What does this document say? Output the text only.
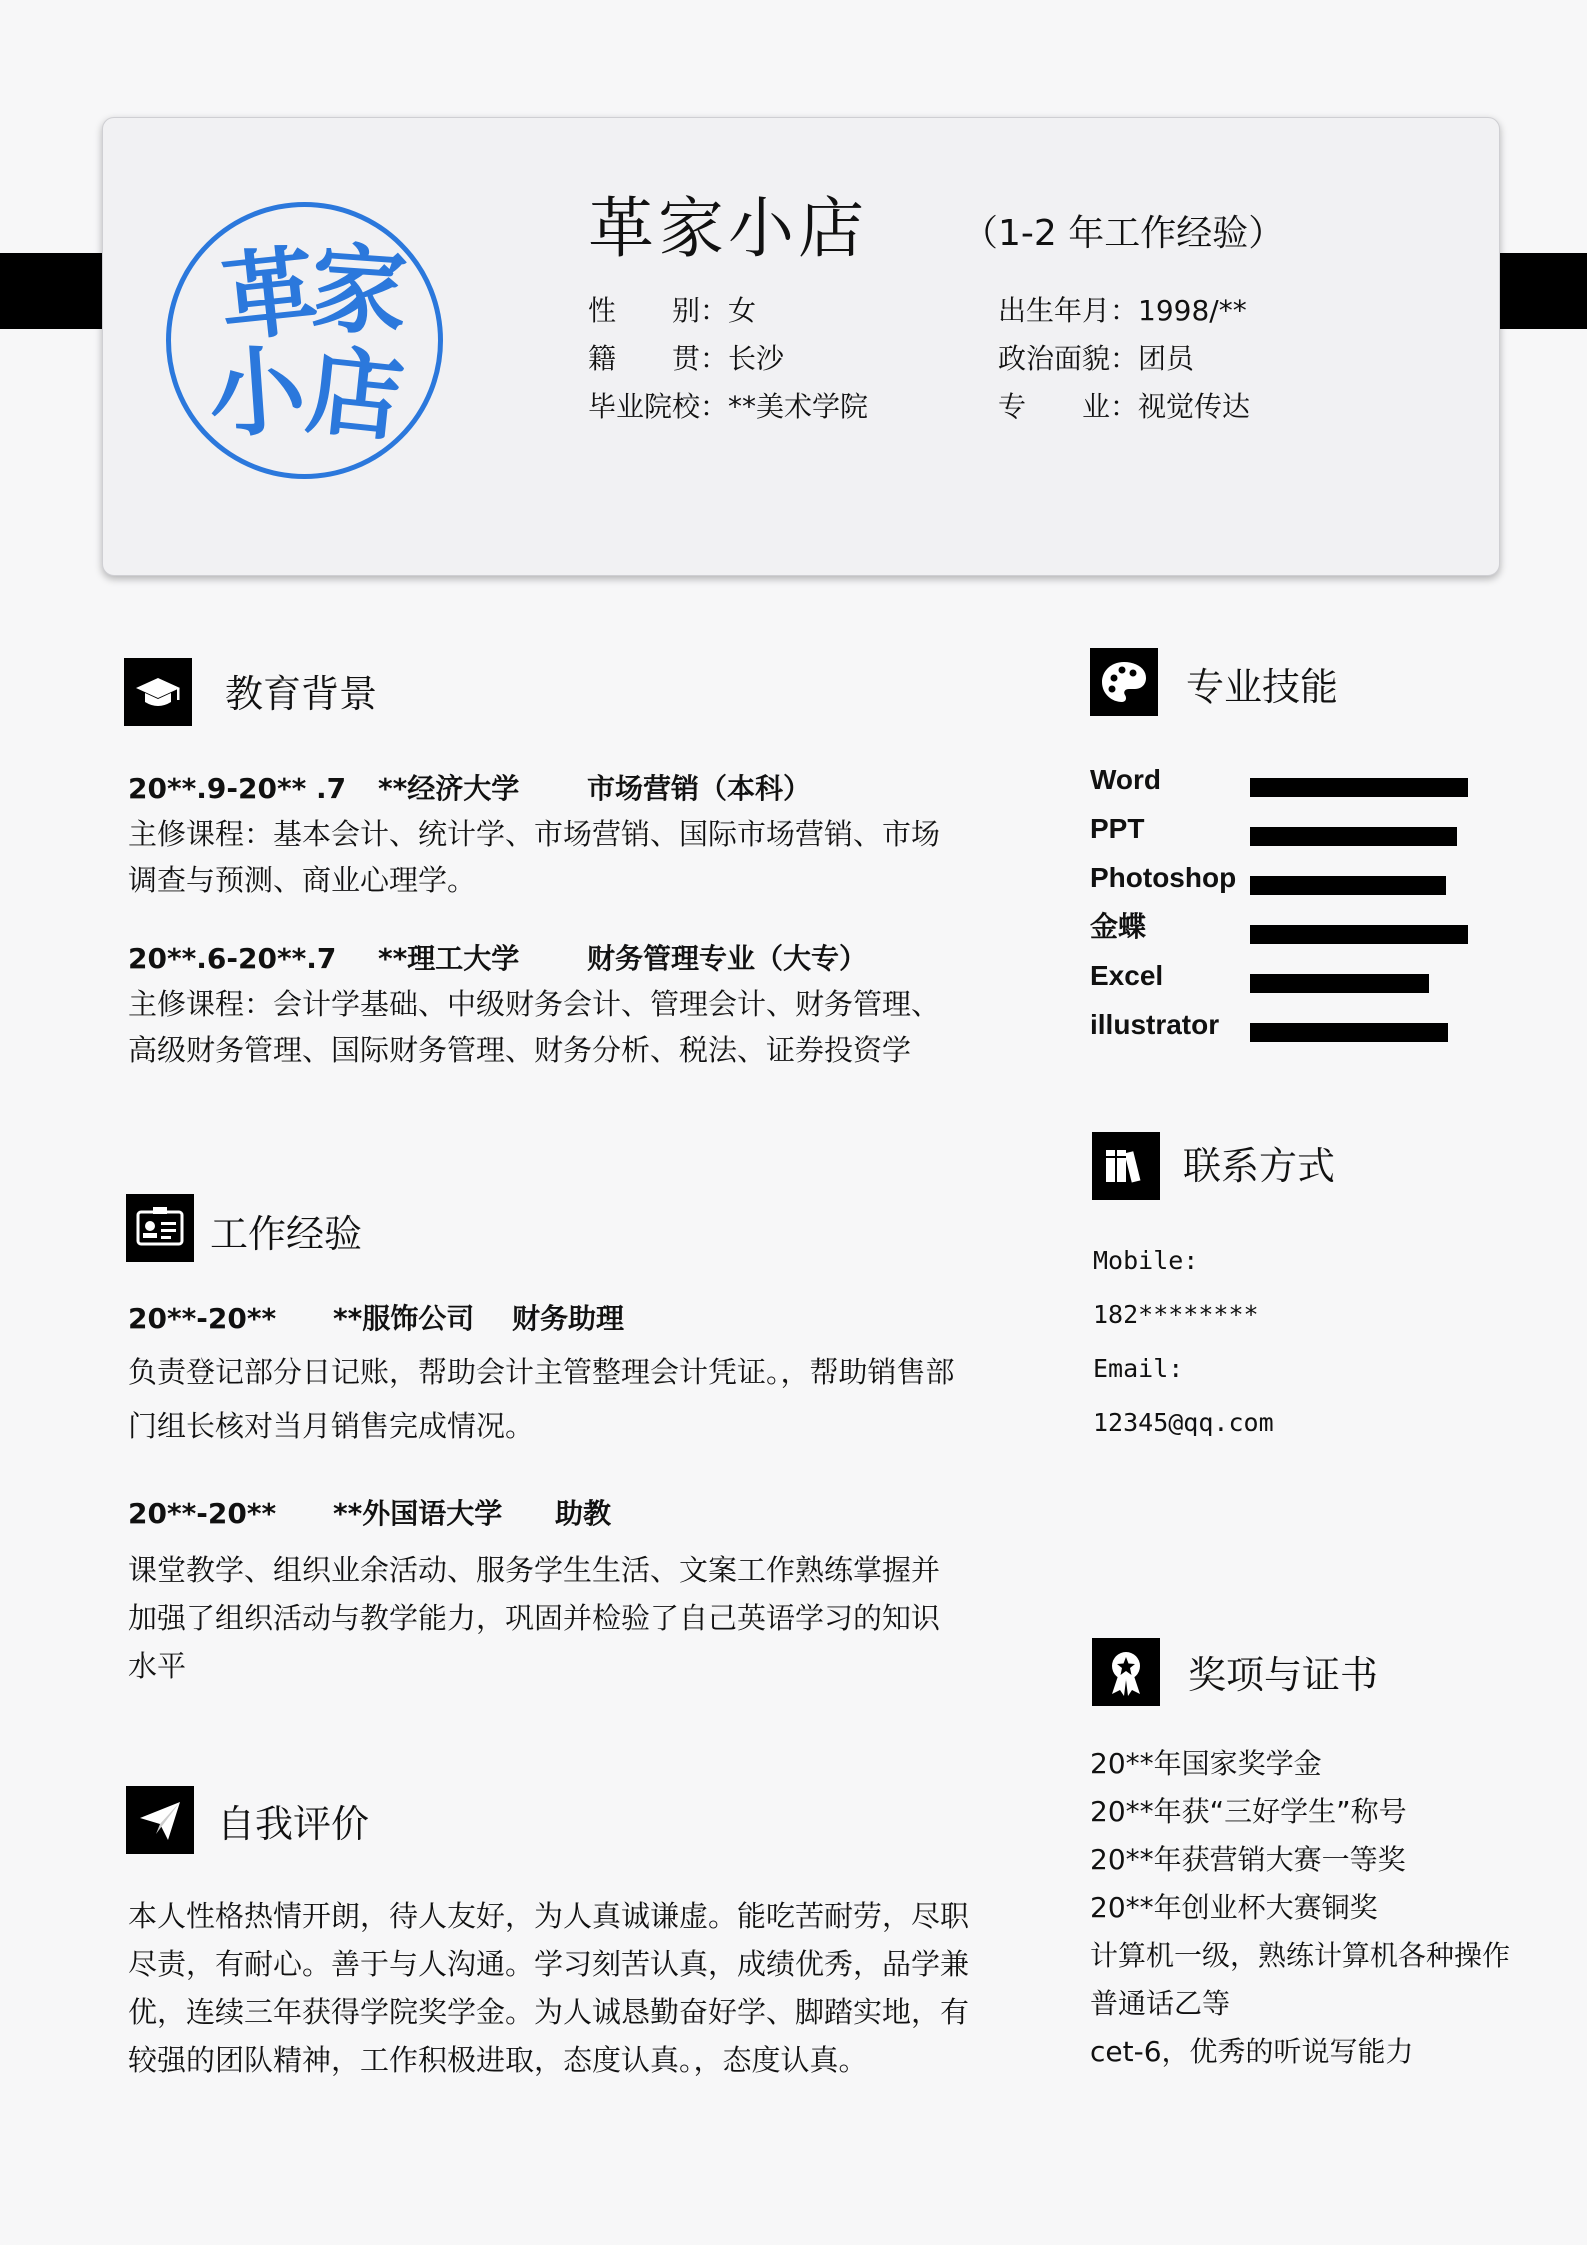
革
家
小
店
革家小店	（1-2 年工作经验）
性　　别：女
籍　　贯：长沙
毕业院校：**美术学院
出生年月：1998/**
政治面貌：团员
专　　业：视觉传达
教育背景
20**.9-20** .7 **经济大学 市场营销（本科）
主修课程：基本会计、统计学、市场营销、国际市场营销、市场
调查与预测、商业心理学。
20**.6-20**.7 **理工大学 财务管理专业（大专）
主修课程：会计学基础、中级财务会计、管理会计、财务管理、
高级财务管理、国际财务管理、财务分析、税法、证券投资学
工作经验
20**-20** **服饰公司 财务助理
负责登记部分日记账，帮助会计主管整理会计凭证。，帮助销售部
门组长核对当月销售完成情况。
20**-20** **外国语大学 助教
课堂教学、组织业余活动、服务学生生活、文案工作熟练掌握并
加强了组织活动与教学能力，巩固并检验了自己英语学习的知识
水平
自我评价
本人性格热情开朗，待人友好，为人真诚谦虚。能吃苦耐劳，尽职
尽责，有耐心。善于与人沟通。学习刻苦认真，成绩优秀，品学兼
优，连续三年获得学院奖学金。为人诚恳勤奋好学、脚踏实地，有
较强的团队精神，工作积极进取，态度认真。，态度认真。
专业技能
Word
PPT
Photoshop
金蝶
Excel
illustrator
联系方式
Mobile:
182********
Email:
12345@qq.com
奖项与证书
20**年国家奖学金
20**年获“三好学生”称号
20**年获营销大赛一等奖
20**年创业杯大赛铜奖
计算机一级，熟练计算机各种操作
普通话乙等
cet-6，优秀的听说写能力
